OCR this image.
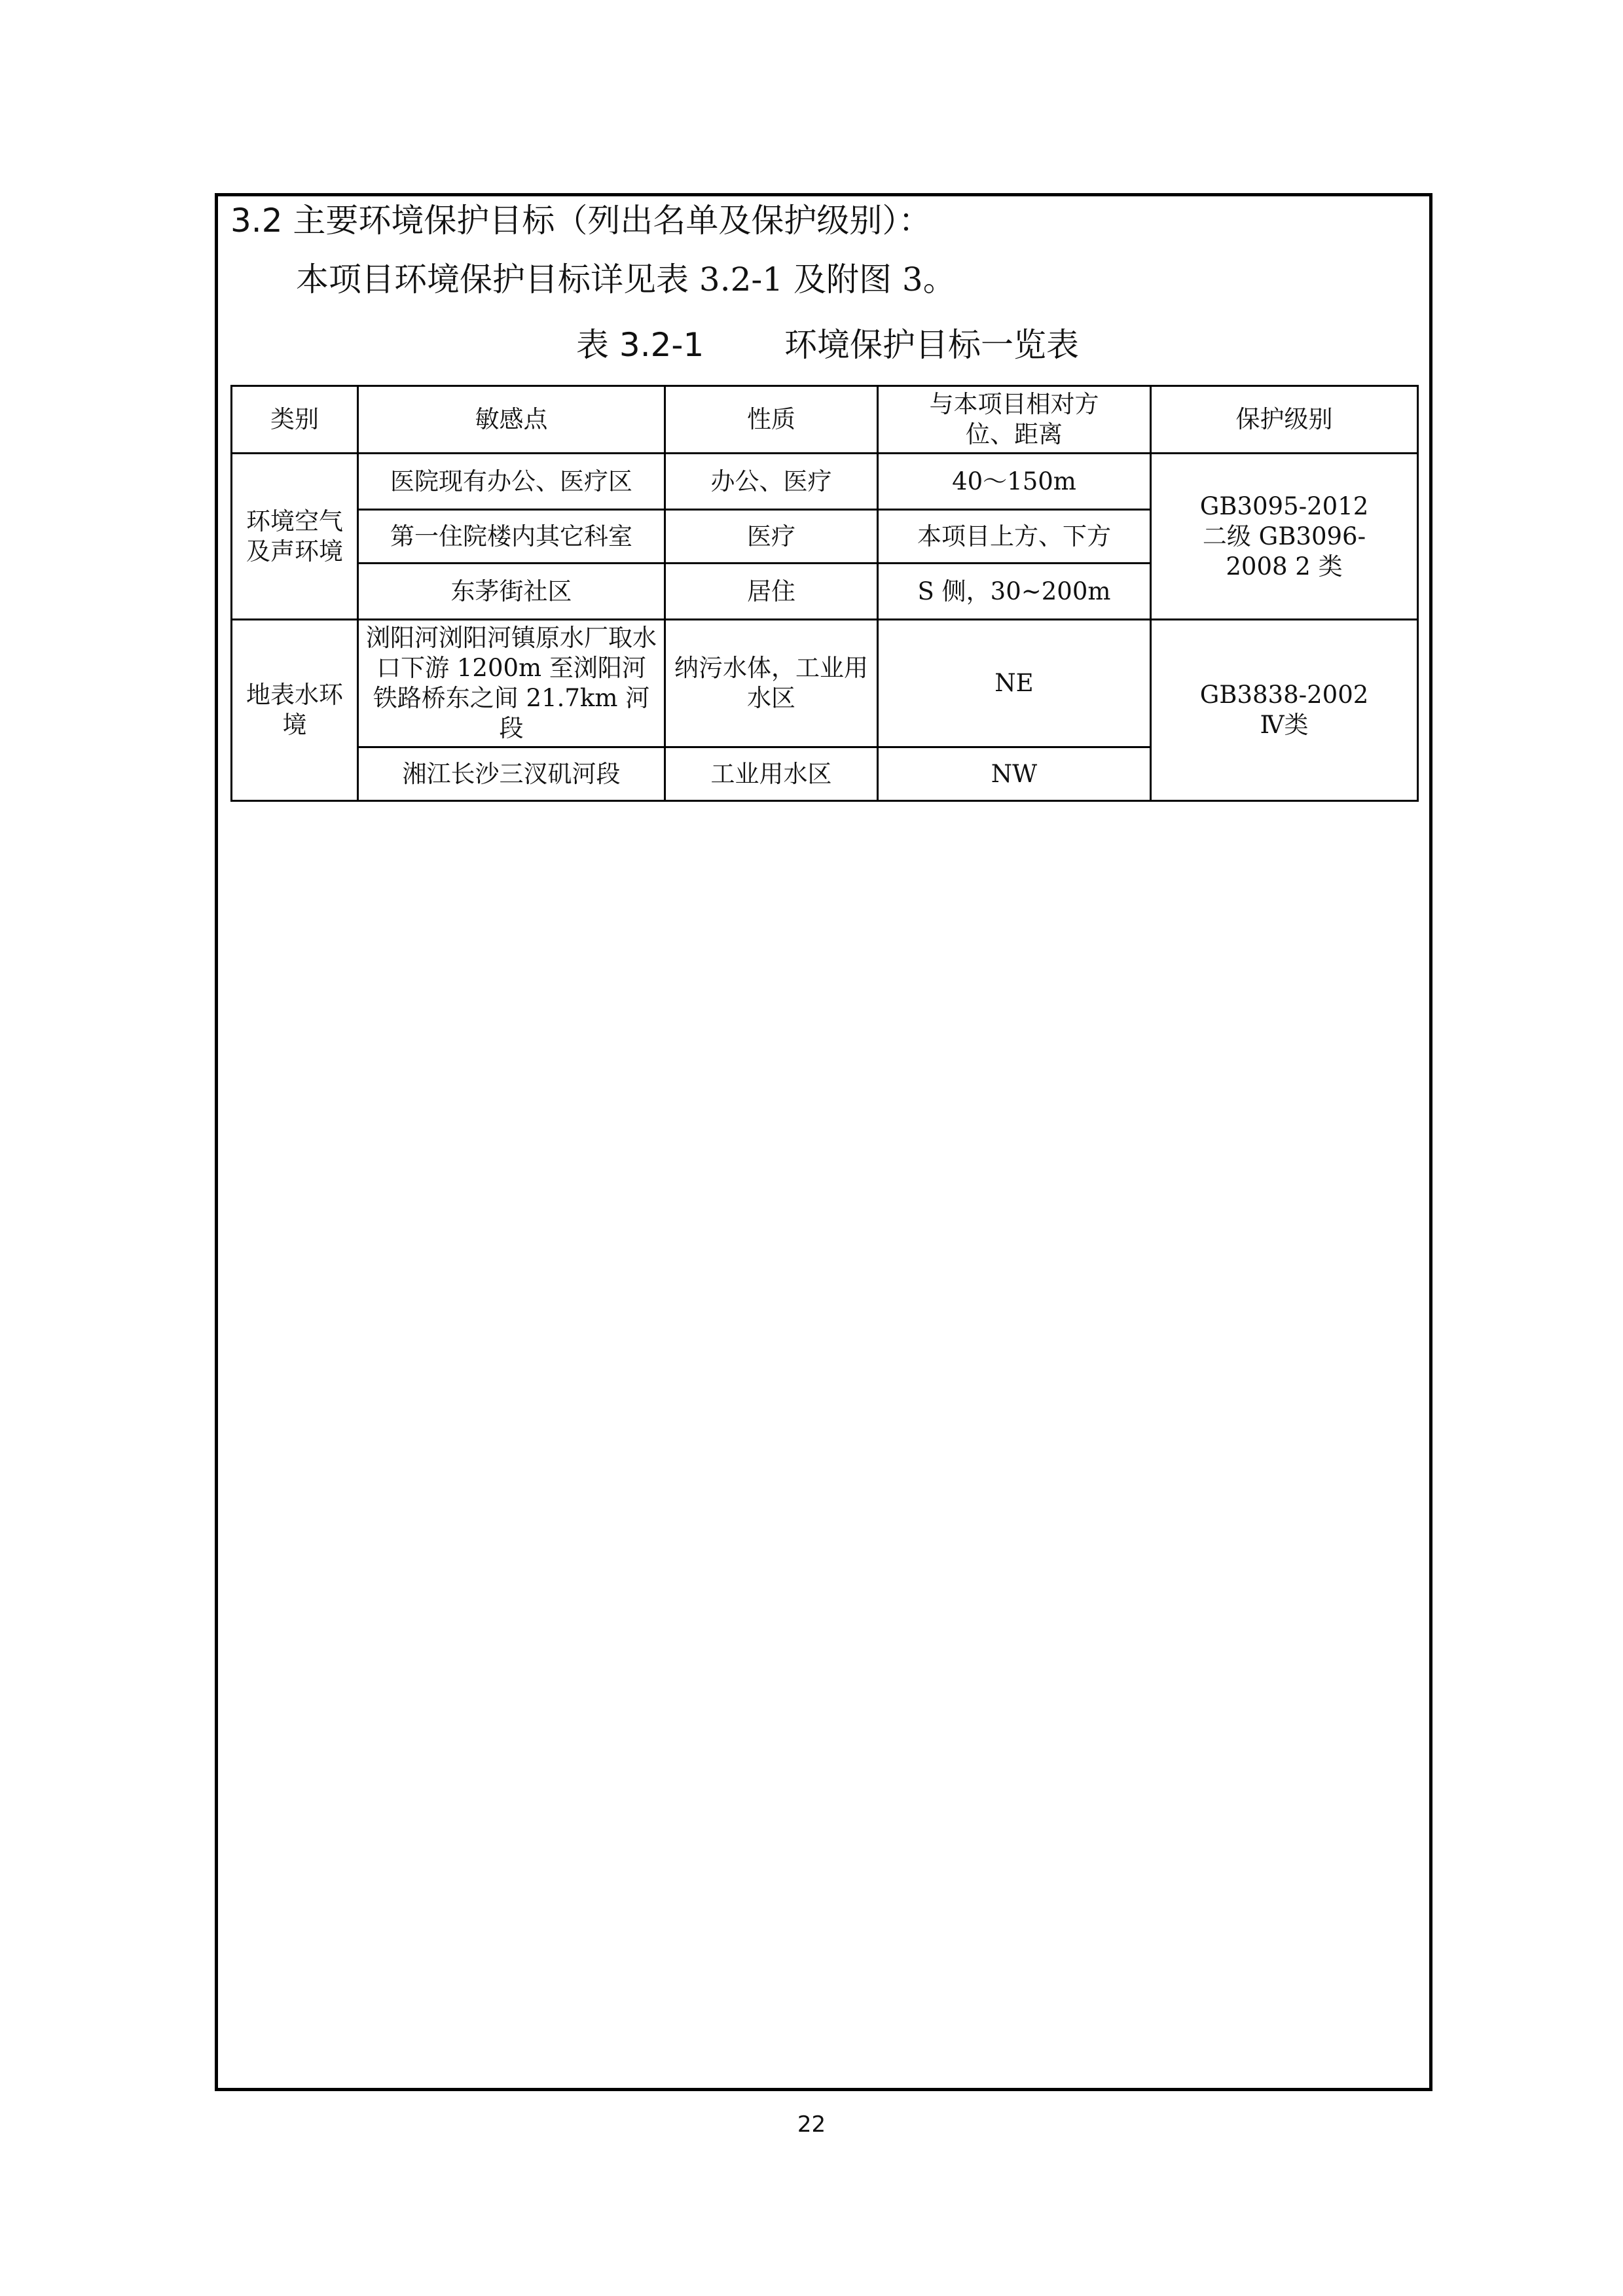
3.2 主要环境保护目标（列出名单及保护级别）：
本项目环境保护目标详见表 3.2-1 及附图 3。
表 3.2-1 环境保护目标一览表
类别	敏感点	性质	与本项目相对方位、距离	保护级别
环境空气及声环境	医院现有办公、医疗区	办公、医疗	40～150m	GB3095-2012 二级 GB3096-2008 2 类
	第一住院楼内其它科室	医疗	本项目上方、下方	
	东茅街社区	居住	S 侧，30~200m	
地表水环境	浏阳河浏阳河镇原水厂取水口下游 1200m 至浏阳河铁路桥东之间 21.7km 河段	纳污水体，工业用水区	NE	GB3838-2002 Ⅳ类
	湘江长沙三汊矶河段	工业用水区	NW	
22
